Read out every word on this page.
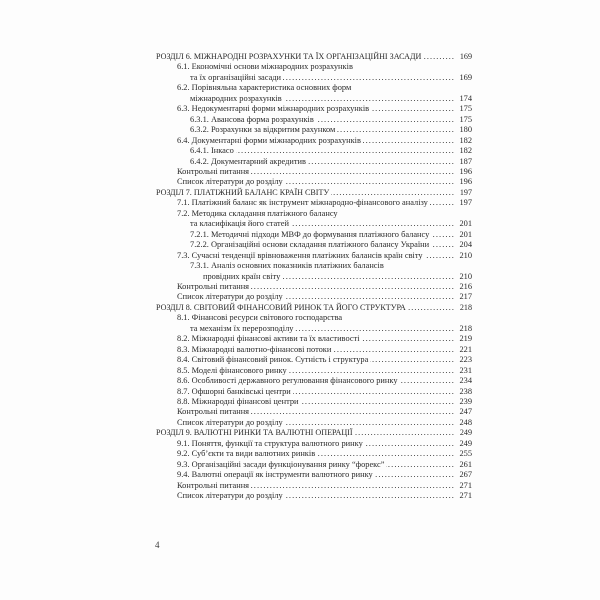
РОЗДІЛ 6. МІЖНАРОДНІ РОЗРАХУНКИ ТА ЇХ ОРГАНІЗАЦІЙНІ ЗАСАДИ .....	169
6.1. Економічні основи міжнародних розрахунків
та їх організаційні засади .....	169
6.2. Порівняльна характеристика основних форм
міжнародних розрахунків .....	174
6.3. Недокументарні форми міжнародних розрахунків .....	175
6.3.1. Авансова форма розрахунків .....	175
6.3.2. Розрахунки за відкритим рахунком .....	180
6.4. Документарні форми міжнародних розрахунків .....	182
6.4.1. Інкасо .....	182
6.4.2. Документарний акредитив .....	187
Контрольні питання .....	196
Список літератури до розділу .....	196
РОЗДІЛ 7. ПЛАТІЖНИЙ БАЛАНС КРАЇН СВІТУ .....	197
7.1. Платіжний баланс як інструмент міжнародно-фінансового аналізу .....	197
7.2. Методика складання платіжного балансу
та класифікація його статей .....	201
7.2.1. Методичні підходи МВФ до формування платіжного балансу .....	201
7.2.2. Організаційні основи складання платіжного балансу України .....	204
7.3. Сучасні тенденції врівноваження платіжних балансів країн світу .....	210
7.3.1. Аналіз основних показників платіжних балансів
провідних країн світу .....	210
Контрольні питання .....	216
Список літератури до розділу .....	217
РОЗДІЛ 8. СВІТОВИЙ ФІНАНСОВИЙ РИНОК ТА ЙОГО СТРУКТУРА .....	218
8.1. Фінансові ресурси світового господарства
та механізм їх перерозподілу .....	218
8.2. Міжнародні фінансові активи та їх властивості .....	219
8.3. Міжнародні валютно-фінансові потоки .....	221
8.4. Світовий фінансовий ринок. Сутність і структура .....	223
8.5. Моделі фінансового ринку .....	231
8.6. Особливості державного регулювання фінансового ринку .....	234
8.7. Офшорні банківські центри .....	238
8.8. Міжнародні фінансові центри .....	239
Контрольні питання .....	247
Список літератури до розділу .....	248
РОЗДІЛ 9. ВАЛЮТНІ РИНКИ ТА ВАЛЮТНІ ОПЕРАЦІЇ .....	249
9.1. Поняття, функції та структура валютного ринку .....	249
9.2. Суб’єкти та види валютних ринків .....	255
9.3. Організаційні засади функціонування ринку “форекс” .....	261
9.4. Валютні операції як інструменти валютного ринку .....	267
Контрольні питання .....	271
Список літератури до розділу .....	271
4
